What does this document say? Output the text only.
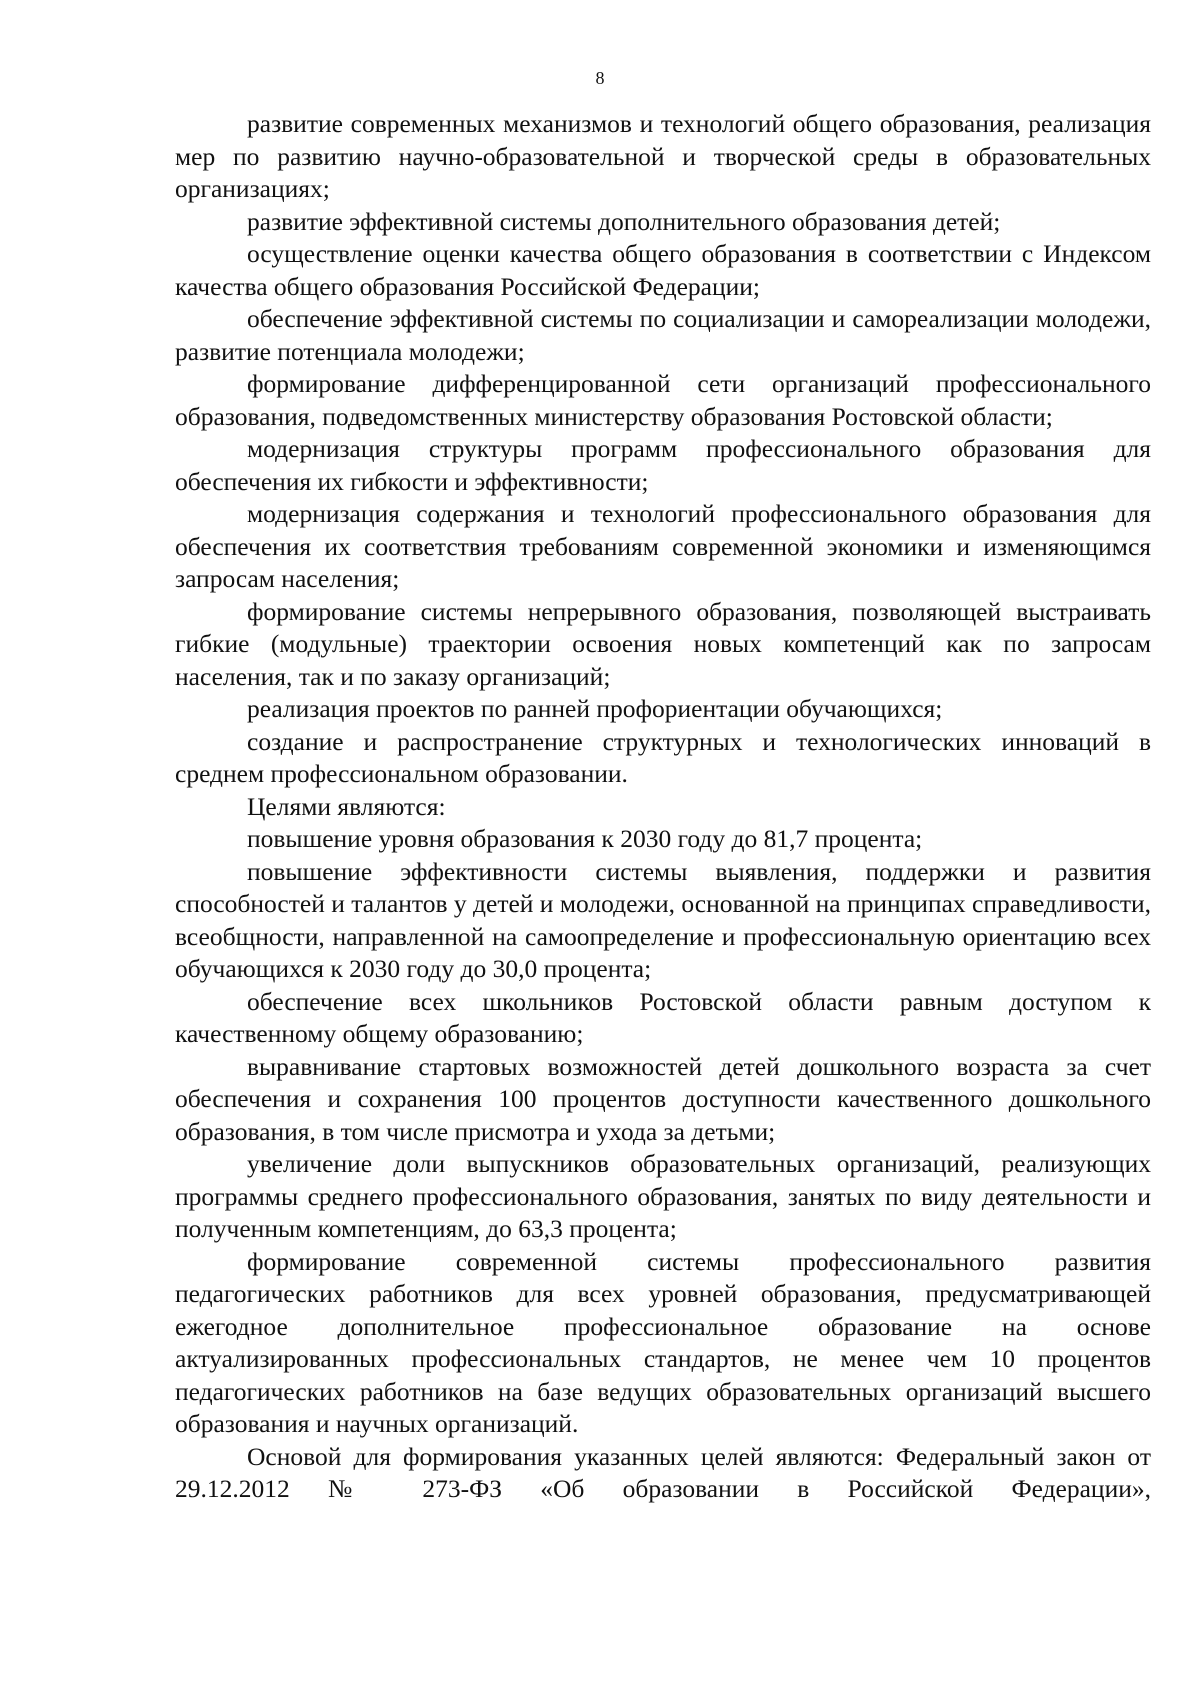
8

развитие современных механизмов и технологий общего образования, реализация мер по развитию научно-образовательной и творческой среды в образовательных организациях;

развитие эффективной системы дополнительного образования детей;

осуществление оценки качества общего образования в соответствии с Индексом качества общего образования Российской Федерации;

обеспечение эффективной системы по социализации и самореализации молодежи, развитие потенциала молодежи;

формирование дифференцированной сети организаций профессионального образования, подведомственных министерству образования Ростовской области;

модернизация структуры программ профессионального образования для обеспечения их гибкости и эффективности;

модернизация содержания и технологий профессионального образования для обеспечения их соответствия требованиям современной экономики и изменяющимся запросам населения;

формирование системы непрерывного образования, позволяющей выстраивать гибкие (модульные) траектории освоения новых компетенций как по запросам населения, так и по заказу организаций;

реализация проектов по ранней профориентации обучающихся;

создание и распространение структурных и технологических инноваций в среднем профессиональном образовании.

Целями являются:

повышение уровня образования к 2030 году до 81,7 процента;

повышение эффективности системы выявления, поддержки и развития способностей и талантов у детей и молодежи, основанной на принципах справедливости, всеобщности, направленной на самоопределение и профессиональную ориентацию всех обучающихся к 2030 году до 30,0 процента;

обеспечение всех школьников Ростовской области равным доступом к качественному общему образованию;

выравнивание стартовых возможностей детей дошкольного возраста за счет обеспечения и сохранения 100 процентов доступности качественного дошкольного образования, в том числе присмотра и ухода за детьми;

увеличение доли выпускников образовательных организаций, реализующих программы среднего профессионального образования, занятых по виду деятельности и полученным компетенциям, до 63,3 процента;

формирование современной системы профессионального развития педагогических работников для всех уровней образования, предусматривающей ежегодное дополнительное профессиональное образование на основе актуализированных профессиональных стандартов, не менее чем 10 процентов педагогических работников на базе ведущих образовательных организаций высшего образования и научных организаций.

Основой для формирования указанных целей являются: Федеральный закон от 29.12.2012 № 273-ФЗ «Об образовании в Российской Федерации»,
